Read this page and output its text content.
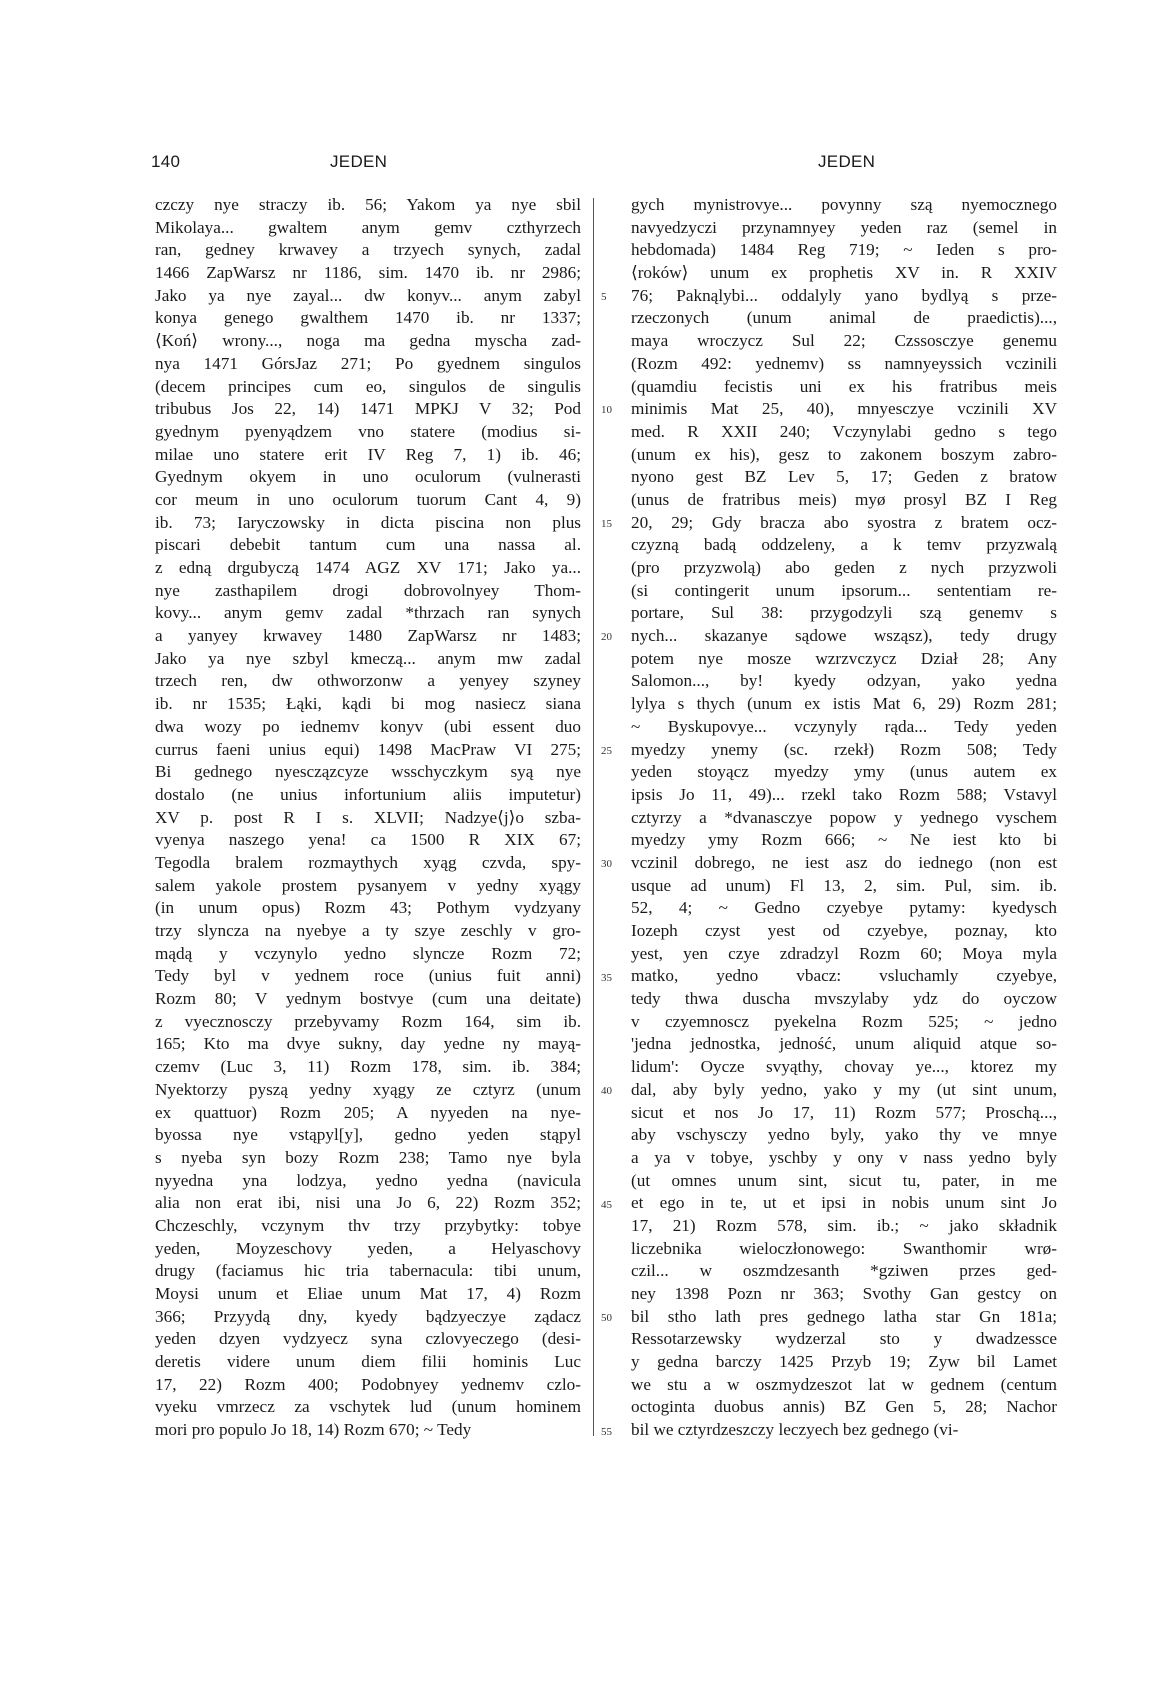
140	JEDEN	JEDEN
czczy nye straczy ib. 56; Yakom ya nye sbil
Mikolaya... gwaltem anym gemv czthyrzech
ran, gedney krwavey a trzyech synych, zadal
1466 ZapWarsz nr 1186, sim. 1470 ib. nr 2986;
Jako ya nye zayal... dw konyv... anym zabyl
konya genego gwalthem 1470 ib. nr 1337;
⟨Koń⟩ wrony..., noga ma gedna myscha zad-
nya 1471 GórsJaz 271; Po gyednem singulos
(decem principes cum eo, singulos de singulis
tribubus Jos 22, 14) 1471 MPKJ V 32; Pod
gyednym pyenyądzem vno statere (modius si-
milae uno statere erit IV Reg 7, 1) ib. 46;
Gyednym okyem in uno oculorum (vulnerasti
cor meum in uno oculorum tuorum Cant 4, 9)
ib. 73; Iaryczowsky in dicta piscina non plus
piscari debebit tantum cum una nassa al.
z edną drgubyczą 1474 AGZ XV 171; Jako ya...
nye zasthapilem drogi dobrovolnyey Thom-
kovy... anym gemv zadal *thrzach ran synych
a yanyey krwavey 1480 ZapWarsz nr 1483;
Jako ya nye szbyl kmeczą... anym mw zadal
trzech ren, dw othworzonw a yenyey szyney
ib. nr 1535; Łąki, kądi bi mog nasiecz siana
dwa wozy po iednemv konyv (ubi essent duo
currus faeni unius equi) 1498 MacPraw VI 275;
Bi gednego nyesczązcyze wsschyczkym syą nye
dostalo (ne unius infortunium aliis imputetur)
XV p. post R I s. XLVII; Nadzye⟨j⟩o szba-
vyenya naszego yena! ca 1500 R XIX 67;
Tegodla bralem rozmaythych xyąg czvda, spy-
salem yakole prostem pysanyem v yedny xyągy
(in unum opus) Rozm 43; Pothym vydzyany
trzy slyncza na nyebye a ty szye zeschly v gro-
mądą y vczynylo yedno slyncze Rozm 72;
Tedy byl v yednem roce (unius fuit anni)
Rozm 80; V yednym bostvye (cum una deitate)
z vyecznosczy przebyvamy Rozm 164, sim ib.
165; Kto ma dvye sukny, day yedne ny mayą-
czemv (Luc 3, 11) Rozm 178, sim. ib. 384;
Nyektorzy pyszą yedny xyągy ze cztyrz (unum
ex quattuor) Rozm 205; A nyyeden na nye-
byossa nye vstąpyl[y], gedno yeden stąpyl
s nyeba syn bozy Rozm 238; Tamo nye byla
nyyedna yna lodzya, yedno yedna (navicula
alia non erat ibi, nisi una Jo 6, 22) Rozm 352;
Chczeschly, vczynym thv trzy przybytky: tobye
yeden, Moyzeschovy yeden, a Helyaschovy
drugy (faciamus hic tria tabernacula: tibi unum,
Moysi unum et Eliae unum Mat 17, 4) Rozm
366; Przyydą dny, kyedy bądzyeczye ządacz
yeden dzyen vydzyecz syna czlovyeczego (desi-
deretis videre unum diem filii hominis Luc
17, 22) Rozm 400; Podobnyey yednemv czlo-
vyeku vmrzecz za vschytek lud (unum hominem
mori pro populo Jo 18, 14) Rozm 670; ~ Tedy
5
10
15
20
25
30
35
40
45
50
55
gych mynistrovye... povynny szą nyemocznego
navyedzyczi przynamnyey yeden raz (semel in
hebdomada) 1484 Reg 719; ~ Ieden s pro-
⟨roków⟩ unum ex prophetis XV in. R XXIV
76; Paknąlybi... oddalyly yano bydlyą s prze-
rzeczonych (unum animal de praedictis)...,
maya wroczycz Sul 22; Czssosczye genemu
(Rozm 492: yednemv) ss namnyeyssich vczinili
(quamdiu fecistis uni ex his fratribus meis
minimis Mat 25, 40), mnyesczye vczinili XV
med. R XXII 240; Vczynylabi gedno s tego
(unum ex his), gesz to zakonem boszym zabro-
nyono gest BZ Lev 5, 17; Geden z bratow
(unus de fratribus meis) myø prosyl BZ I Reg
20, 29; Gdy bracza abo syostra z bratem ocz-
czyzną badą oddzeleny, a k temv przyzwalą
(pro przyzwolą) abo geden z nych przyzwoli
(si contingerit unum ipsorum... sententiam re-
portare, Sul 38: przygodzyli szą genemv s
nych... skazanye sądowe wsząsz), tedy drugy
potem nye mosze wzrzvczycz Dział 28; Any
Salomon..., by! kyedy odzyan, yako yedna
lylya s thych (unum ex istis Mat 6, 29) Rozm 281;
~ Byskupovye... vczynyly rąda... Tedy yeden
myedzy ynemy (sc. rzekł) Rozm 508; Tedy
yeden stoyącz myedzy ymy (unus autem ex
ipsis Jo 11, 49)... rzekl tako Rozm 588; Vstavyl
cztyrzy a *dvanasczye popow y yednego vyschem
myedzy ymy Rozm 666; ~ Ne iest kto bi
vczinil dobrego, ne iest asz do iednego (non est
usque ad unum) Fl 13, 2, sim. Pul, sim. ib.
52, 4; ~ Gedno czyebye pytamy: kyedysch
Iozeph czyst yest od czyebye, poznay, kto
yest, yen czye zdradzyl Rozm 60; Moya myla
matko, yedno vbacz: vsluchamly czyebye,
tedy thwa duscha mvszylaby ydz do oyczow
v czyemnoscz pyekelna Rozm 525; ~ jedno
'jedna jednostka, jedność, unum aliquid atque so-
lidum': Oycze svyąthy, chovay ye..., ktorez my
dal, aby byly yedno, yako y my (ut sint unum,
sicut et nos Jo 17, 11) Rozm 577; Proschą...,
aby vschysczy yedno byly, yako thy ve mnye
a ya v tobye, yschby y ony v nass yedno byly
(ut omnes unum sint, sicut tu, pater, in me
et ego in te, ut et ipsi in nobis unum sint Jo
17, 21) Rozm 578, sim. ib.; ~ jako składnik
liczebnika wieloczłonowego: Swanthomir wrø-
czil... w oszmdzesanth *gziwen przes ged-
ney 1398 Pozn nr 363; Svothy Gan gestcy on
bil stho lath pres gednego latha star Gn 181a;
Ressotarzewsky wydzerzal sto y dwadzessce
y gedna barczy 1425 Przyb 19; Zyw bil Lamet
we stu a w oszmydzeszot lat w gednem (centum
octoginta duobus annis) BZ Gen 5, 28; Nachor
bil we cztyrdzeszczy leczyech bez gednego (vi-
